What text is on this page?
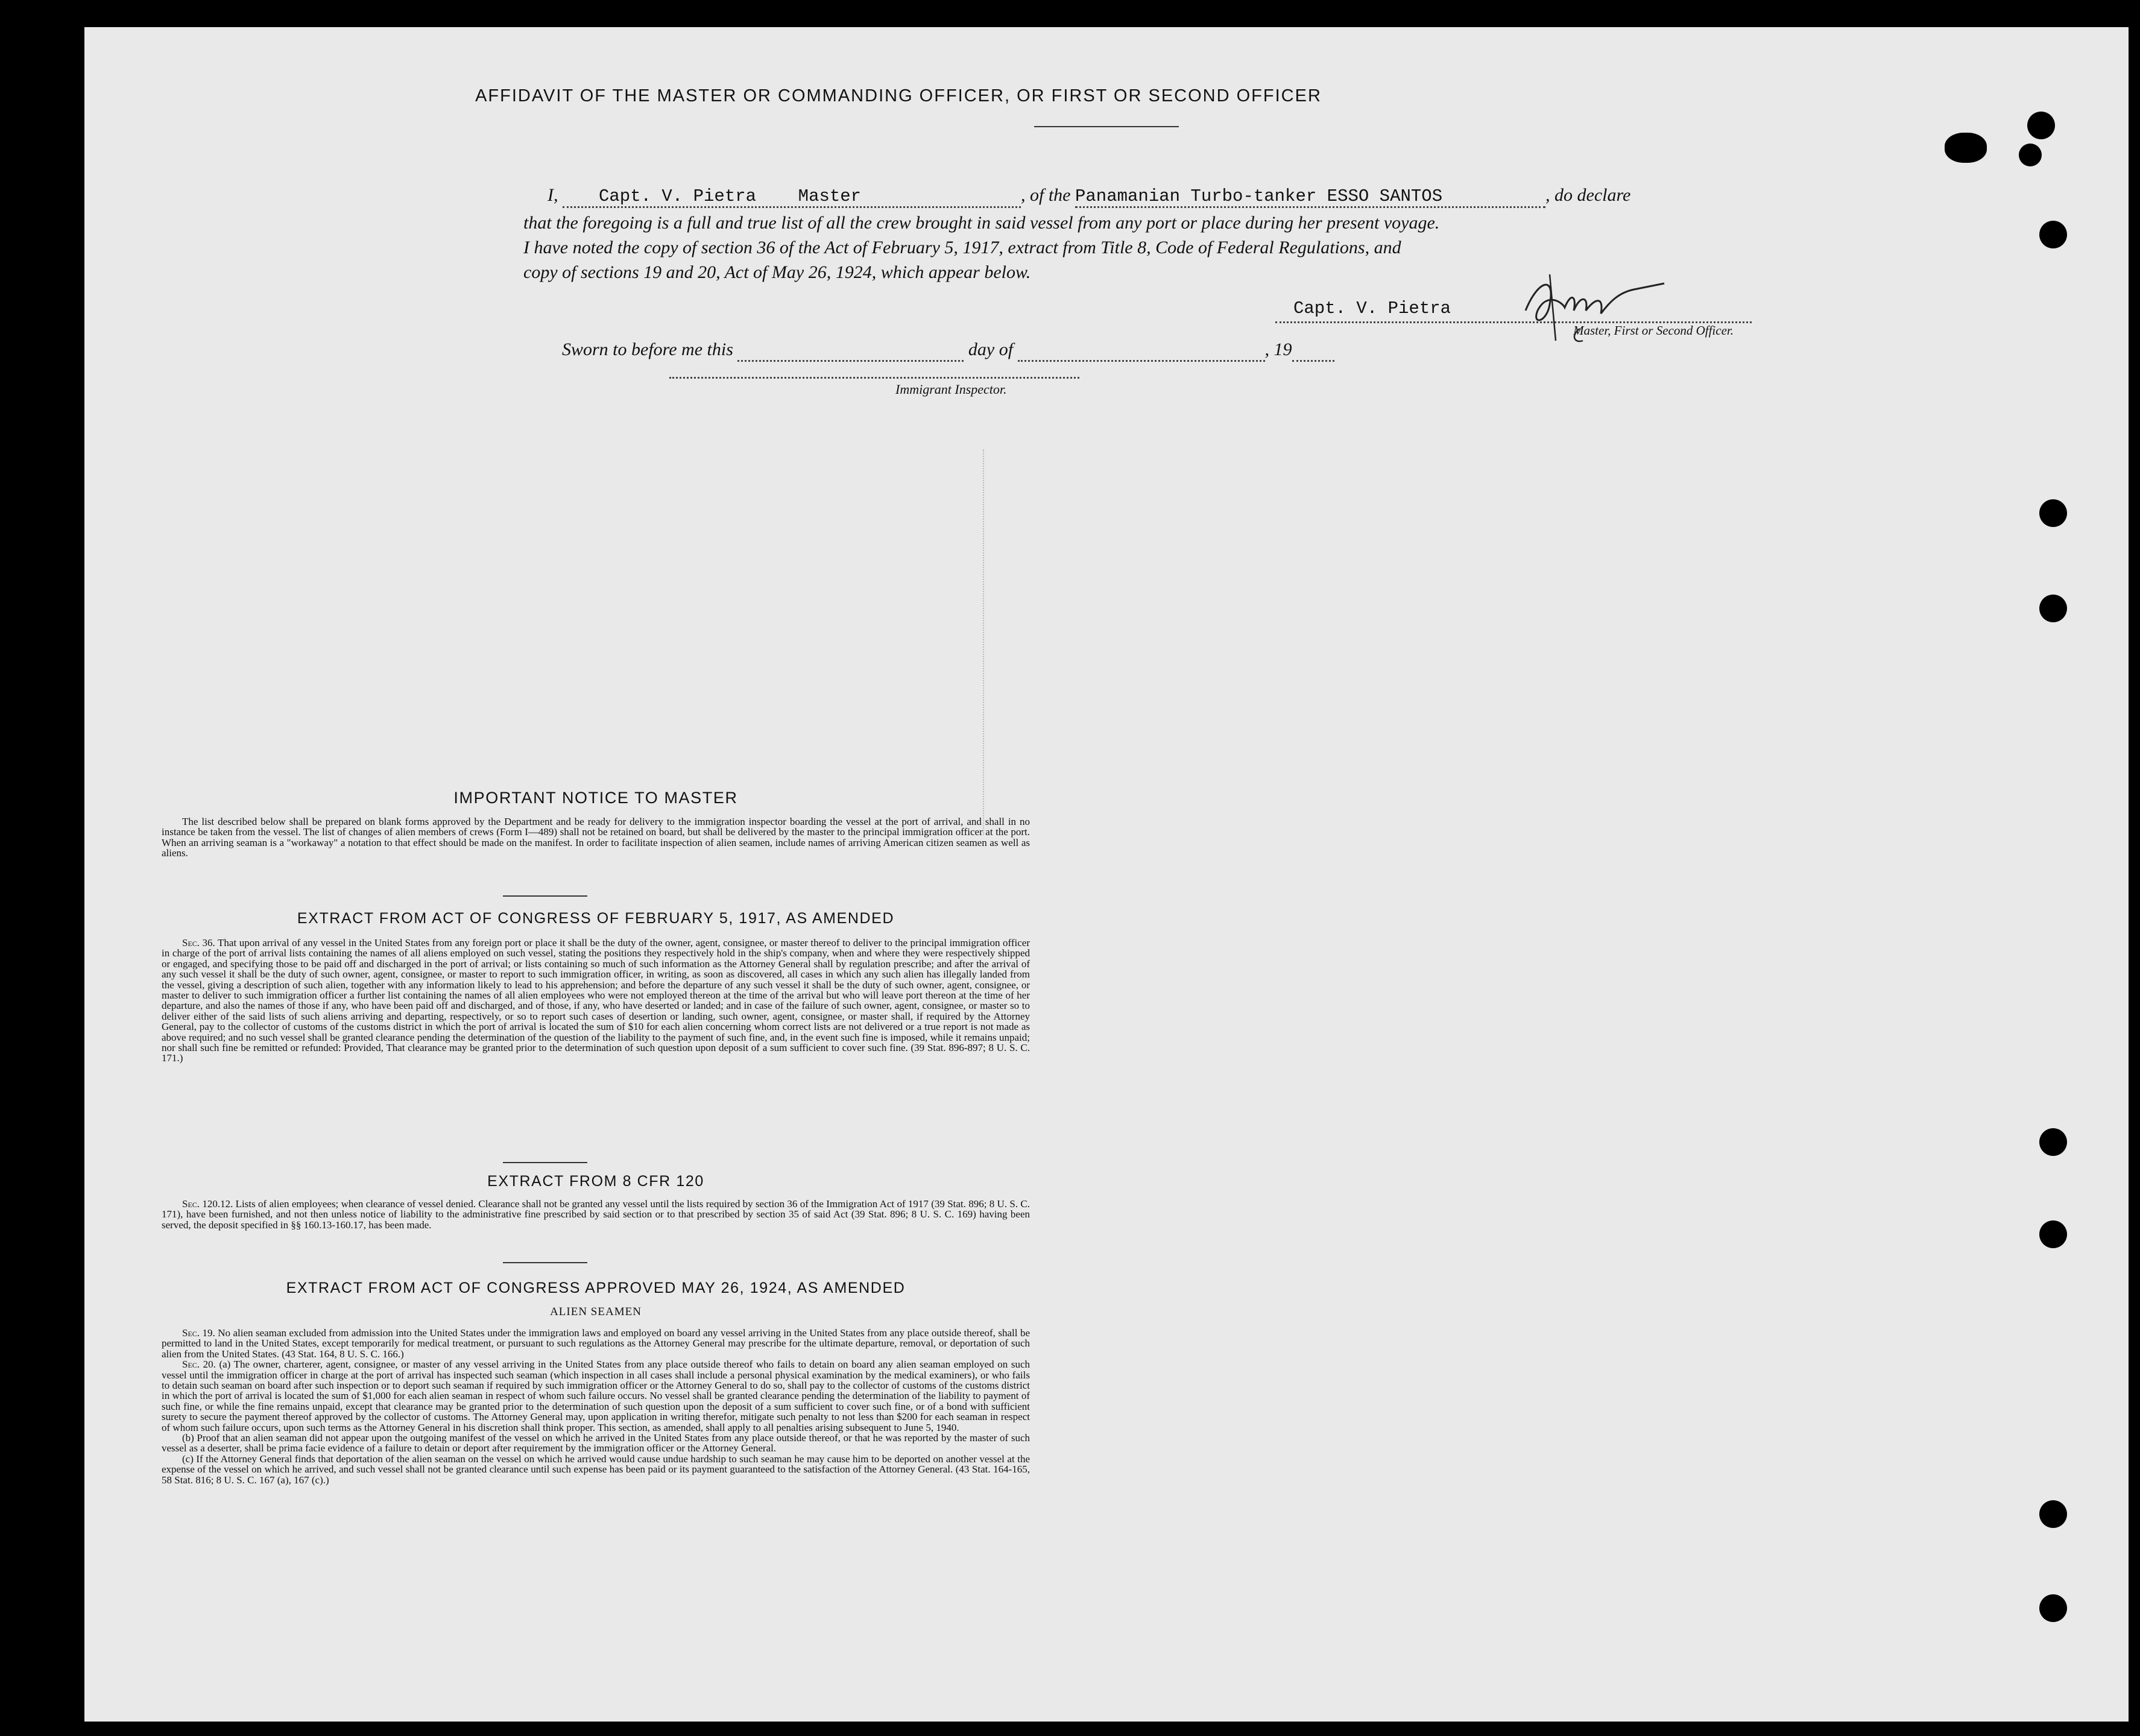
AFFIDAVIT OF THE MASTER OR COMMANDING OFFICER, OR FIRST OR SECOND OFFICER
I, Capt. V. Pietra Master	, of the Panamanian Turbo-tanker ESSO SANTOS	, do declare
that the foregoing is a full and true list of all the crew brought in said vessel from any port or place during her present voyage.
I have noted the copy of section 36 of the Act of February 5, 1917, extract from Title 8, Code of Federal Regulations, and
copy of sections 19 and 20, Act of May 26, 1924, which appear below.
Capt. V. Pietra
Master, First or Second Officer.
Sworn to before me this	day of	, 19
Immigrant Inspector.
IMPORTANT NOTICE TO MASTER
The list described below shall be prepared on blank forms approved by the Department and be ready for delivery to the immigration inspector boarding the vessel at the port of arrival, and shall in no instance be taken from the vessel. The list of changes of alien members of crews (Form I—489) shall not be retained on board, but shall be delivered by the master to the principal immigration officer at the port. When an arriving seaman is a "workaway" a notation to that effect should be made on the manifest. In order to facilitate inspection of alien seamen, include names of arriving American citizen seamen as well as aliens.
EXTRACT FROM ACT OF CONGRESS OF FEBRUARY 5, 1917, AS AMENDED
Sec. 36. That upon arrival of any vessel in the United States from any foreign port or place it shall be the duty of the owner, agent, consignee, or master thereof to deliver to the principal immigration officer in charge of the port of arrival lists containing the names of all aliens employed on such vessel, stating the positions they respectively hold in the ship's company, when and where they were respectively shipped or engaged, and specifying those to be paid off and discharged in the port of arrival; or lists containing so much of such information as the Attorney General shall by regulation prescribe; and after the arrival of any such vessel it shall be the duty of such owner, agent, consignee, or master to report to such immigration officer, in writing, as soon as discovered, all cases in which any such alien has illegally landed from the vessel, giving a description of such alien, together with any information likely to lead to his apprehension; and before the departure of any such vessel it shall be the duty of such owner, agent, consignee, or master to deliver to such immigration officer a further list containing the names of all alien employees who were not employed thereon at the time of the arrival but who will leave port thereon at the time of her departure, and also the names of those if any, who have been paid off and discharged, and of those, if any, who have deserted or landed; and in case of the failure of such owner, agent, consignee, or master so to deliver either of the said lists of such aliens arriving and departing, respectively, or so to report such cases of desertion or landing, such owner, agent, consignee, or master shall, if required by the Attorney General, pay to the collector of customs of the customs district in which the port of arrival is located the sum of $10 for each alien concerning whom correct lists are not delivered or a true report is not made as above required; and no such vessel shall be granted clearance pending the determination of the question of the liability to the payment of such fine, and, in the event such fine is imposed, while it remains unpaid; nor shall such fine be remitted or refunded: Provided, That clearance may be granted prior to the determination of such question upon deposit of a sum sufficient to cover such fine. (39 Stat. 896-897; 8 U. S. C. 171.)
EXTRACT FROM 8 CFR 120
Sec. 120.12. Lists of alien employees; when clearance of vessel denied. Clearance shall not be granted any vessel until the lists required by section 36 of the Immigration Act of 1917 (39 Stat. 896; 8 U. S. C. 171), have been furnished, and not then unless notice of liability to the administrative fine prescribed by said section or to that prescribed by section 35 of said Act (39 Stat. 896; 8 U. S. C. 169) having been served, the deposit specified in §§ 160.13-160.17, has been made.
EXTRACT FROM ACT OF CONGRESS APPROVED MAY 26, 1924, AS AMENDED
ALIEN SEAMEN
Sec. 19. No alien seaman excluded from admission into the United States under the immigration laws and employed on board any vessel arriving in the United States from any place outside thereof, shall be permitted to land in the United States, except temporarily for medical treatment, or pursuant to such regulations as the Attorney General may prescribe for the ultimate departure, removal, or deportation of such alien from the United States. (43 Stat. 164, 8 U. S. C. 166.)
Sec. 20. (a) The owner, charterer, agent, consignee, or master of any vessel arriving in the United States from any place outside thereof who fails to detain on board any alien seaman employed on such vessel until the immigration officer in charge at the port of arrival has inspected such seaman (which inspection in all cases shall include a personal physical examination by the medical examiners), or who fails to detain such seaman on board after such inspection or to deport such seaman if required by such immigration officer or the Attorney General to do so, shall pay to the collector of customs of the customs district in which the port of arrival is located the sum of $1,000 for each alien seaman in respect of whom such failure occurs. No vessel shall be granted clearance pending the determination of the liability to payment of such fine, or while the fine remains unpaid, except that clearance may be granted prior to the determination of such question upon the deposit of a sum sufficient to cover such fine, or of a bond with sufficient surety to secure the payment thereof approved by the collector of customs. The Attorney General may, upon application in writing therefor, mitigate such penalty to not less than $200 for each seaman in respect of whom such failure occurs, upon such terms as the Attorney General in his discretion shall think proper. This section, as amended, shall apply to all penalties arising subsequent to June 5, 1940.
(b) Proof that an alien seaman did not appear upon the outgoing manifest of the vessel on which he arrived in the United States from any place outside thereof, or that he was reported by the master of such vessel as a deserter, shall be prima facie evidence of a failure to detain or deport after requirement by the immigration officer or the Attorney General.
(c) If the Attorney General finds that deportation of the alien seaman on the vessel on which he arrived would cause undue hardship to such seaman he may cause him to be deported on another vessel at the expense of the vessel on which he arrived, and such vessel shall not be granted clearance until such expense has been paid or its payment guaranteed to the satisfaction of the Attorney General. (43 Stat. 164-165, 58 Stat. 816; 8 U. S. C. 167 (a), 167 (c).)
